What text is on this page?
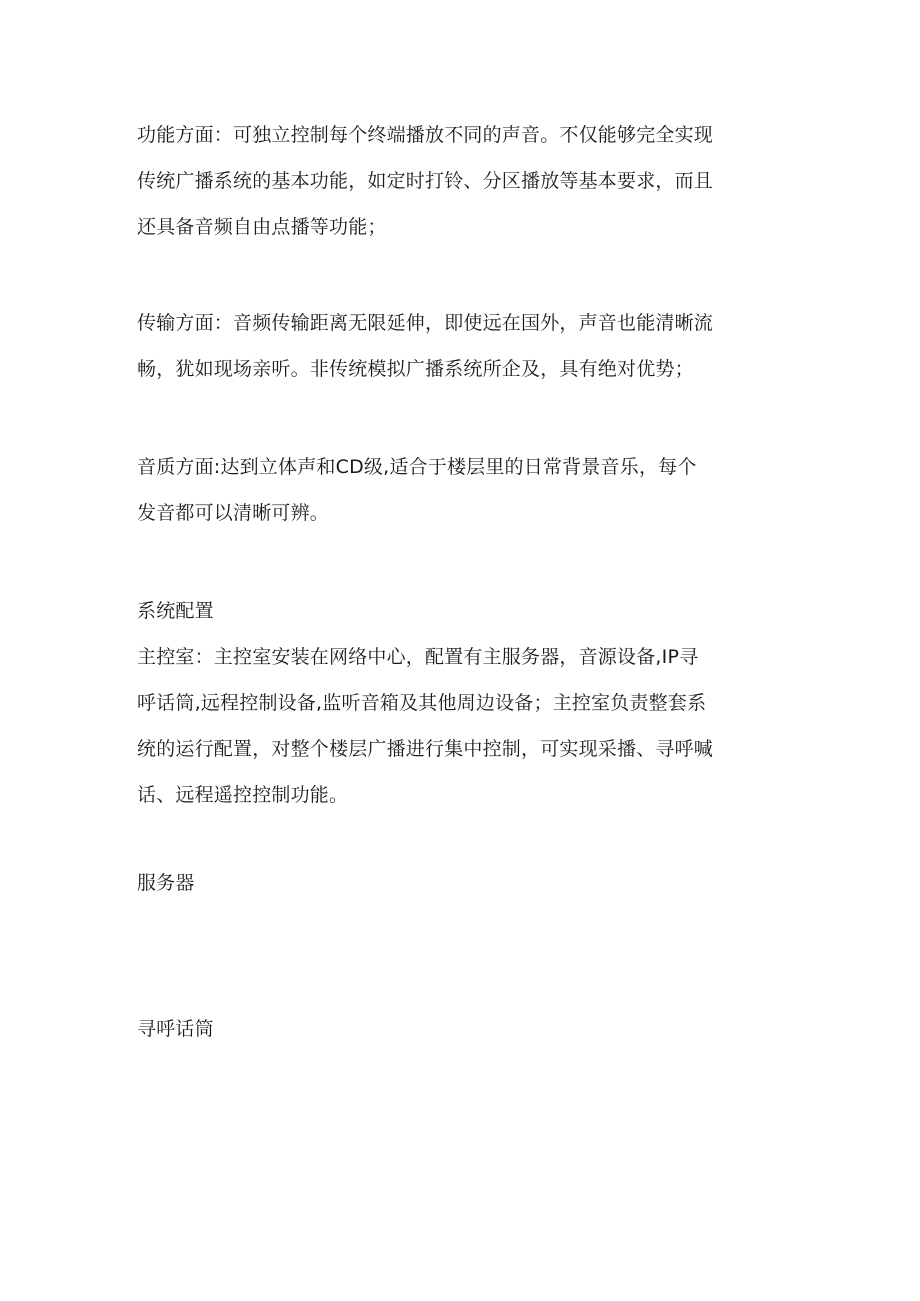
功能方面：可独立控制每个终端播放不同的声音。不仅能够完全实现
传统广播系统的基本功能，如定时打铃、分区播放等基本要求，而且
还具备音频自由点播等功能；

传输方面：音频传输距离无限延伸，即使远在国外，声音也能清晰流
畅，犹如现场亲听。非传统模拟广播系统所企及，具有绝对优势；

音质方面:达到立体声和CD级,适合于楼层里的日常背景音乐，每个
发音都可以清晰可辨。

系统配置

主控室：主控室安装在网络中心，配置有主服务器，音源设备,IP寻
呼话筒,远程控制设备,监听音箱及其他周边设备；主控室负责整套系
统的运行配置，对整个楼层广播进行集中控制，可实现采播、寻呼喊
话、远程遥控控制功能。

服务器

寻呼话筒
